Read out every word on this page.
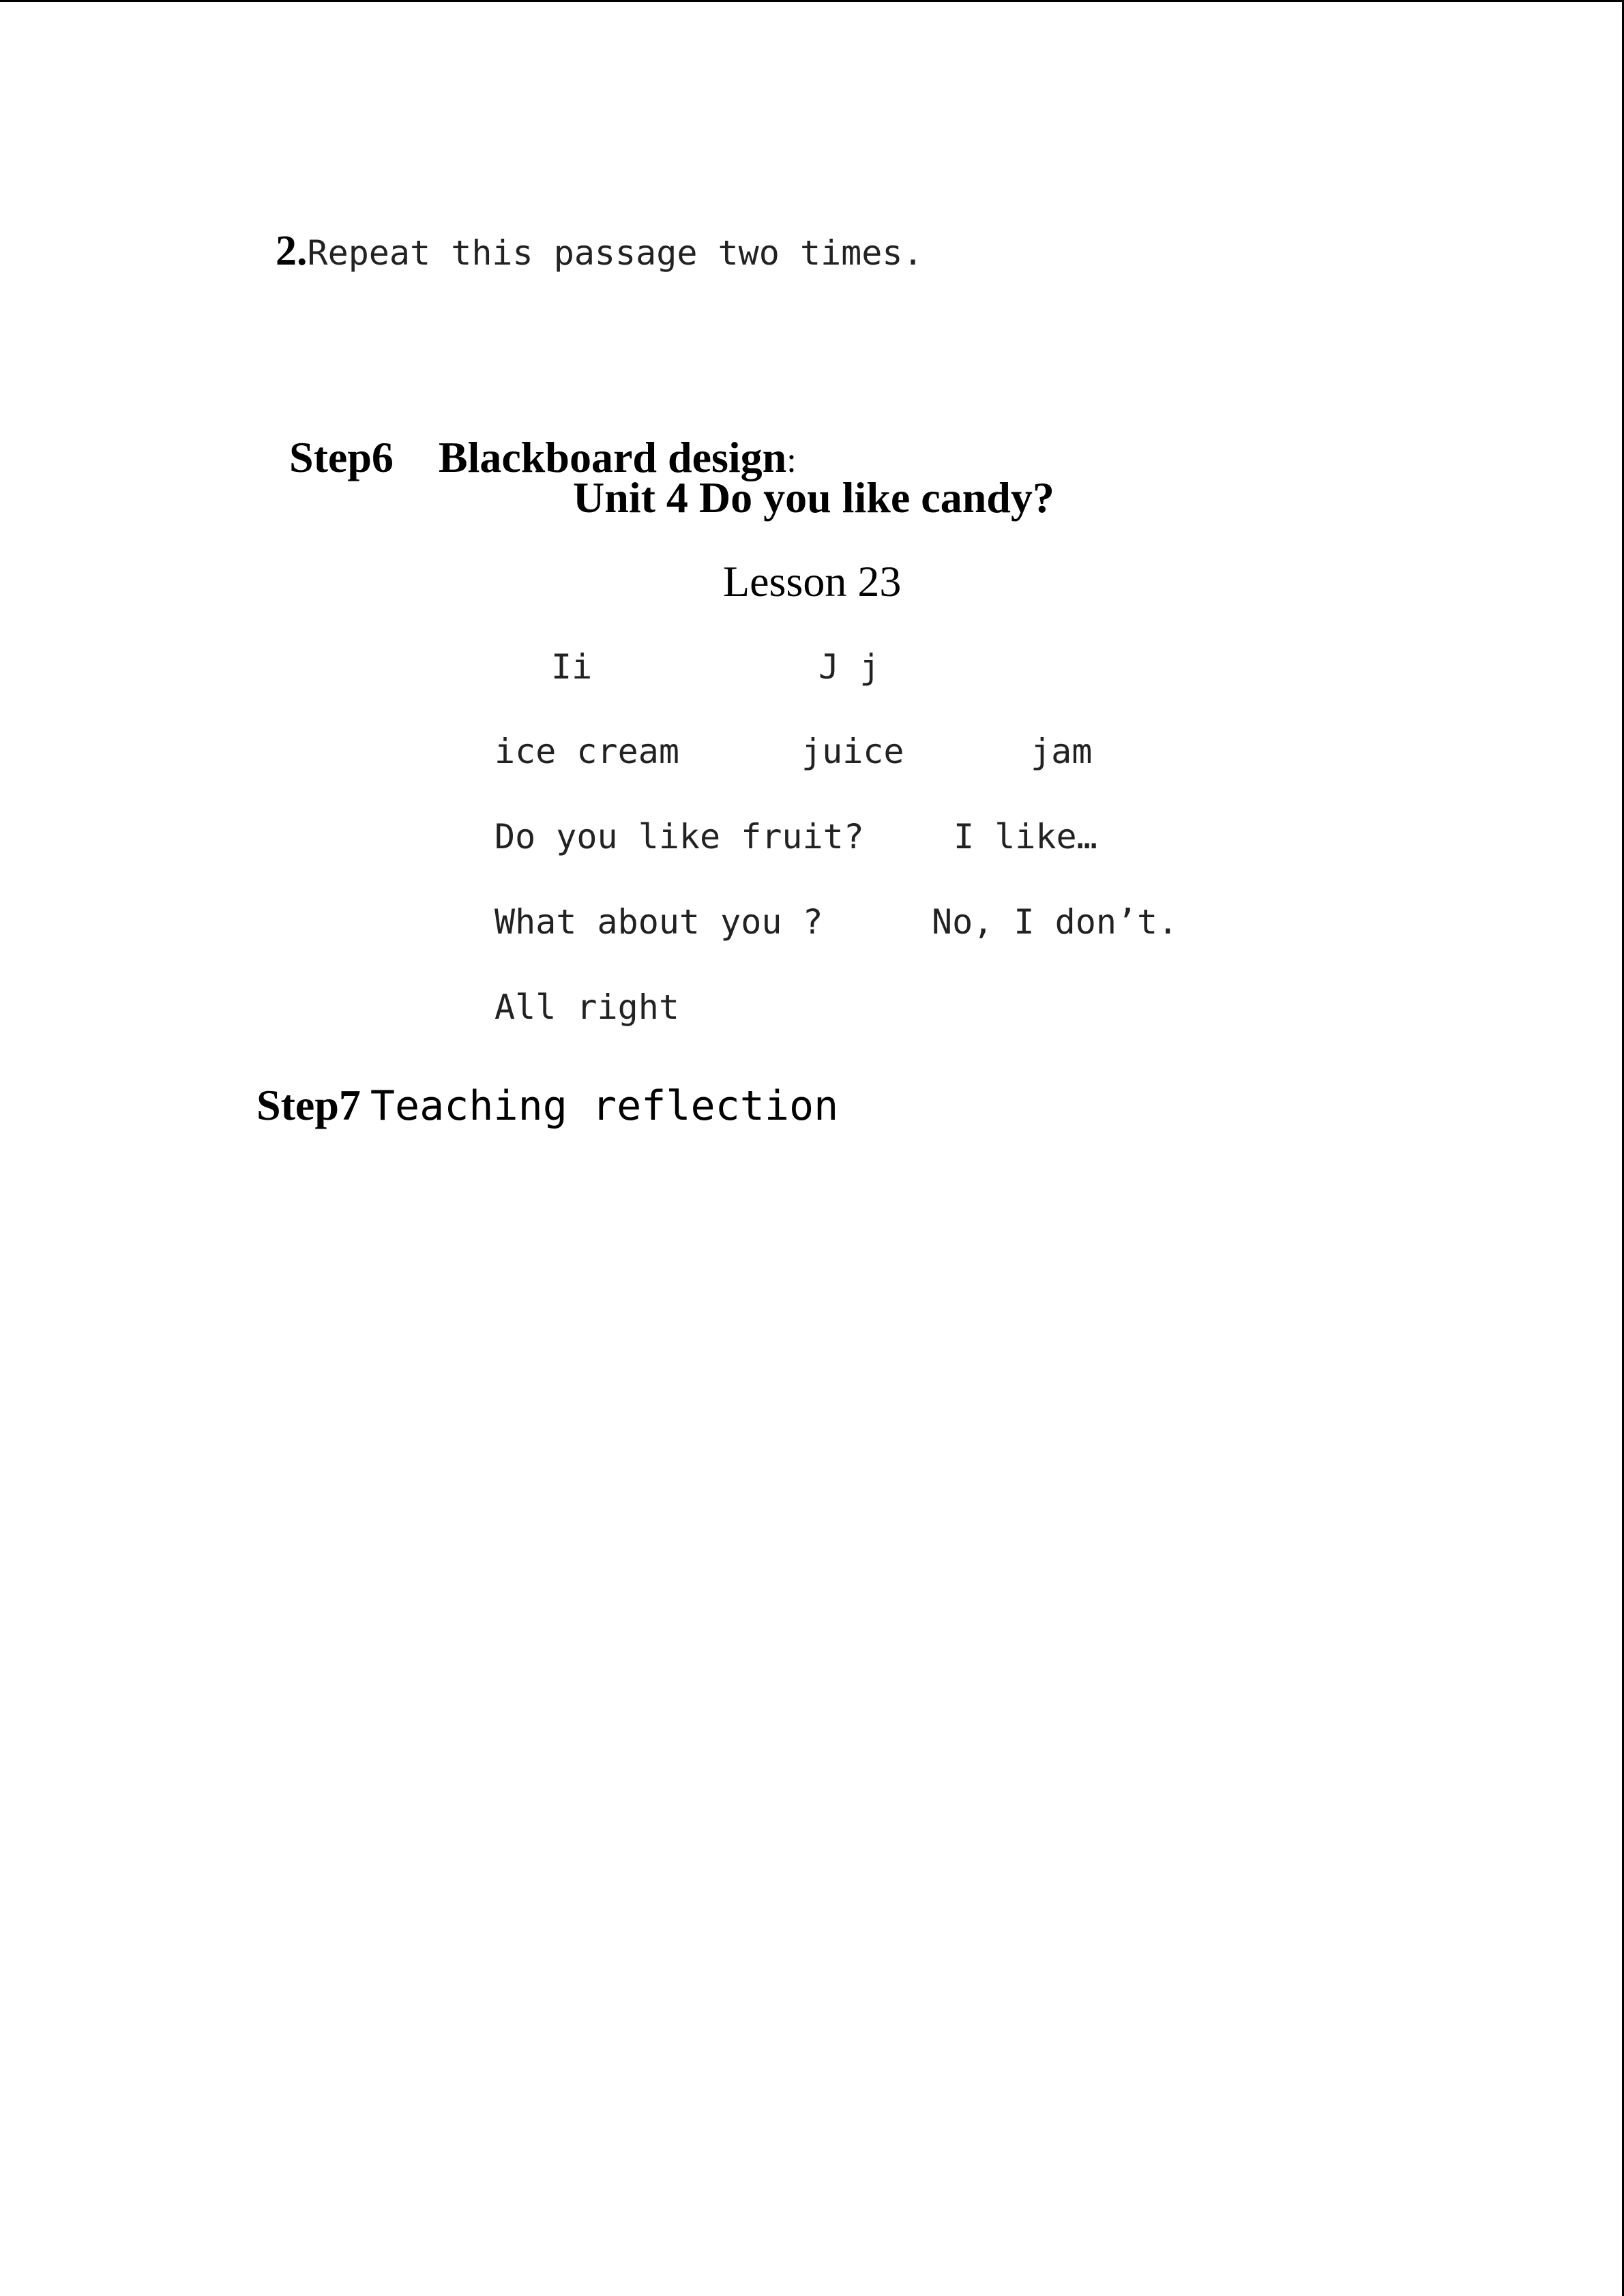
2.Repeat this passage two times.

Step6 Blackboard design:

Unit 4 Do you like candy?
Lesson 23
Ii	J j
ice cream	juice	jam
Do you like fruit?	I like…
What about you ?	No, I don’t.
All right

Step7 Teaching reflection
